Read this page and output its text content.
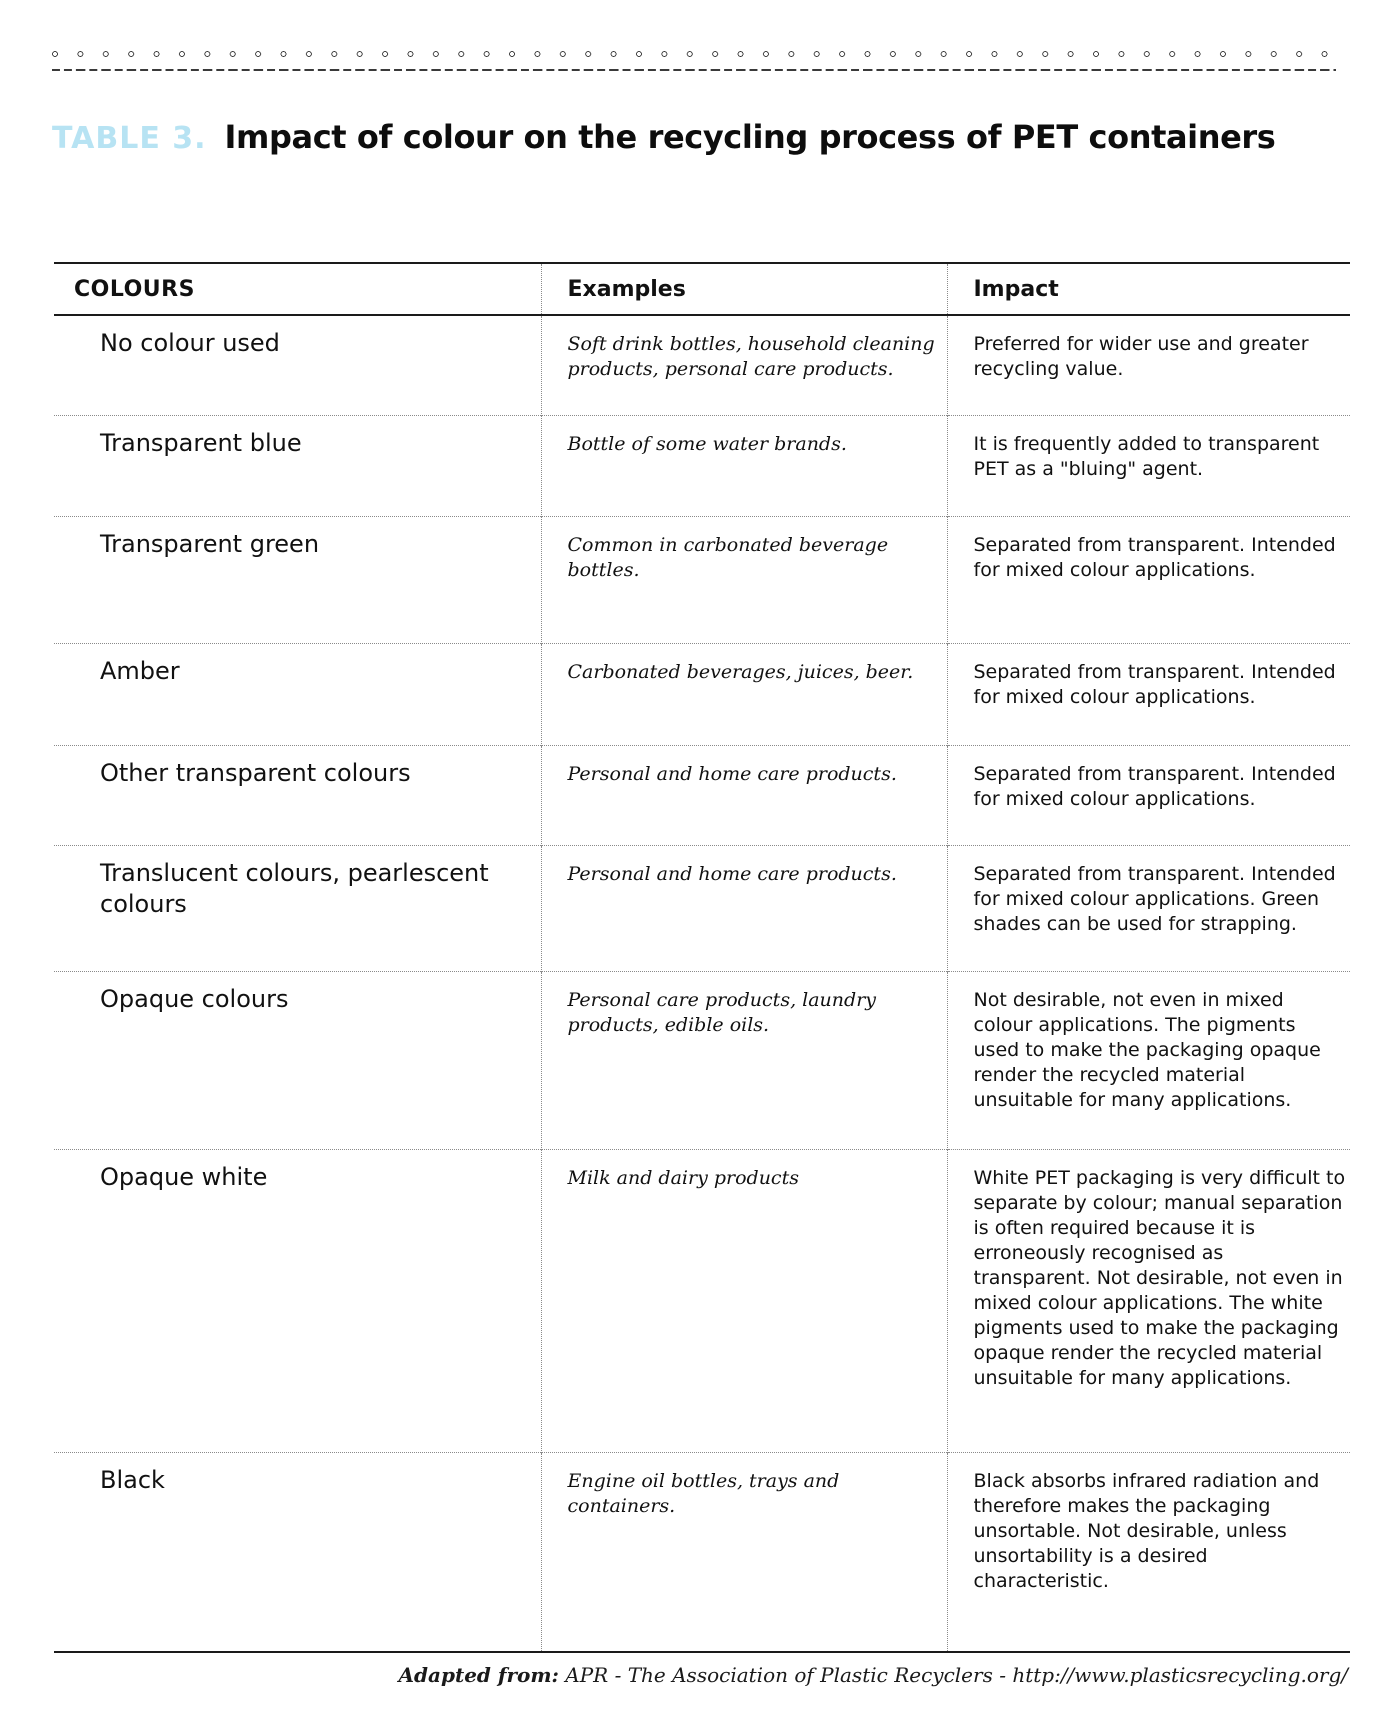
TABLE 3. Impact of colour on the recycling process of PET containers
COLOURS	Examples	Impact
No colour used	Soft drink bottles, household cleaning products, personal care products.	Preferred for wider use and greater recycling value.
Transparent blue	Bottle of some water brands.	It is frequently added to transparent PET as a "bluing" agent.
Transparent green	Common in carbonated beverage bottles.	Separated from transparent. Intended for mixed colour applications.
Amber	Carbonated beverages, juices, beer.	Separated from transparent. Intended for mixed colour applications.
Other transparent colours	Personal and home care products.	Separated from transparent. Intended for mixed colour applications.
Translucent colours, pearlescent colours	Personal and home care products.	Separated from transparent. Intended for mixed colour applications. Green shades can be used for strapping.
Opaque colours	Personal care products, laundry products, edible oils.	Not desirable, not even in mixed colour applications. The pigments used to make the packaging opaque render the recycled material unsuitable for many applications.
Opaque white	Milk and dairy products	White PET packaging is very difficult to separate by colour; manual separation is often required because it is erroneously recognised as transparent. Not desirable, not even in mixed colour applications. The white pigments used to make the packaging opaque render the recycled material unsuitable for many applications.
Black	Engine oil bottles, trays and containers.	Black absorbs infrared radiation and therefore makes the packaging unsortable. Not desirable, unless unsortability is a desired characteristic.
Adapted from: APR - The Association of Plastic Recyclers - http://www.plasticsrecycling.org/
